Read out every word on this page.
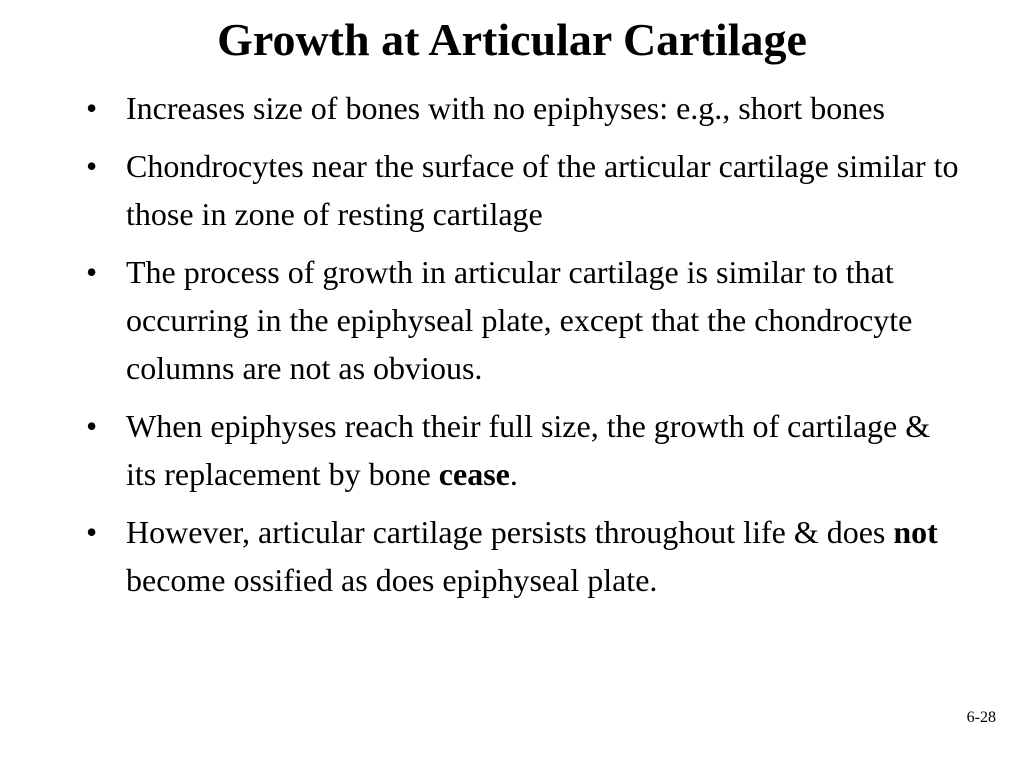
Growth at Articular Cartilage
• Increases size of bones with no epiphyses: e.g., short bones
• Chondrocytes near the surface of the articular cartilage similar to those in zone of resting cartilage
• The process of growth in articular cartilage is similar to that occurring in the epiphyseal plate, except that the chondrocyte columns are not as obvious.
• When epiphyses reach their full size, the growth of cartilage & its replacement by bone cease.
• However, articular cartilage persists throughout life & does not become ossified as does epiphyseal plate.
6-28
